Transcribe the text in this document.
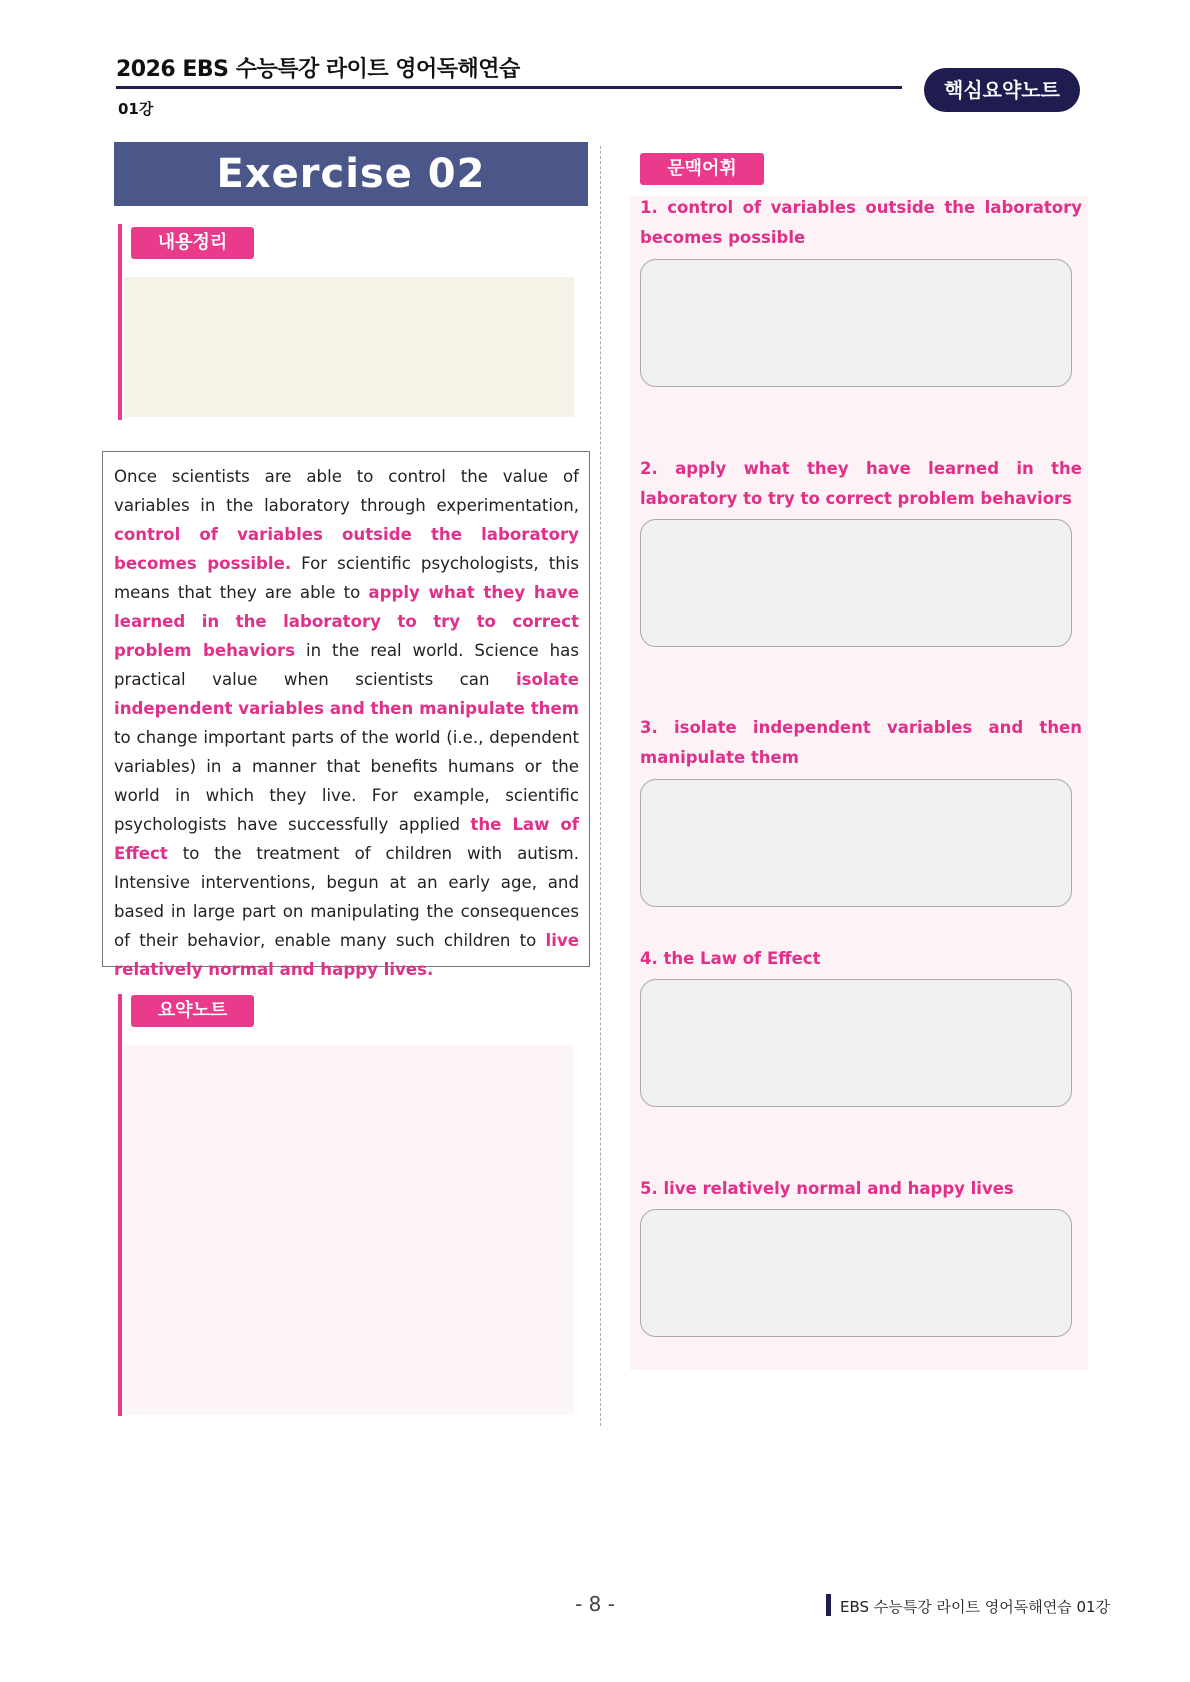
2026 EBS 수능특강 라이트 영어독해연습
01강
핵심요약노트
Exercise 02
내용정리

Once scientists are able to control the value of variables in the laboratory through experimentation, control of variables outside the laboratory becomes possible. For scientific psychologists, this means that they are able to apply what they have learned in the laboratory to try to correct problem behaviors in the real world. Science has practical value when scientists can isolate independent variables and then manipulate them to change important parts of the world (i.e., dependent variables) in a manner that benefits humans or the world in which they live. For example, scientific psychologists have successfully applied the Law of Effect to the treatment of children with autism. Intensive interventions, begun at an early age, and based in large part on manipulating the consequences of their behavior, enable many such children to live relatively normal and happy lives.

요약노트
문맥어휘
1. control of variables outside the laboratory becomes possible
2. apply what they have learned in the laboratory to try to correct problem behaviors
3. isolate independent variables and then manipulate them
4. the Law of Effect
5. live relatively normal and happy lives
- 8 -	EBS 수능특강 라이트 영어독해연습 01강
